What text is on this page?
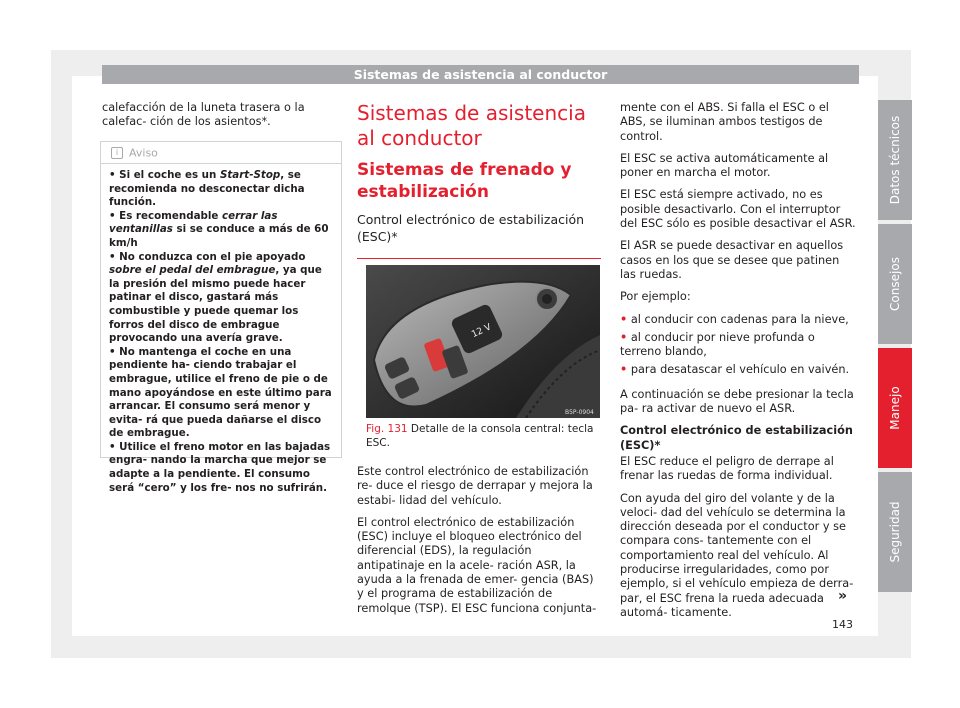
Sistemas de asistencia al conductor

calefacción de la luneta trasera o la calefac- ción de los asientos*.

i Aviso
• Si el coche es un Start-Stop, se recomienda no desconectar dicha función.
• Es recomendable cerrar las ventanillas si se conduce a más de 60 km/h
• No conduzca con el pie apoyado sobre el pedal del embrague, ya que la presión del mismo puede hacer patinar el disco, gastará más combustible y puede quemar los forros del disco de embrague provocando una avería grave.
• No mantenga el coche en una pendiente ha- ciendo trabajar el embrague, utilice el freno de pie o de mano apoyándose en este último para arrancar. El consumo será menor y evita- rá que pueda dañarse el disco de embrague.
• Utilice el freno motor en las bajadas engra- nando la marcha que mejor se adapte a la pendiente. El consumo será “cero” y los fre- nos no sufrirán.
Sistemas de asistencia al conductor
Sistemas de frenado y estabilización
Control electrónico de estabilización (ESC)*
12 V
B5P-0904
Fig. 131 Detalle de la consola central: tecla ESC.

Este control electrónico de estabilización re- duce el riesgo de derrapar y mejora la estabi- lidad del vehículo.

El control electrónico de estabilización (ESC) incluye el bloqueo electrónico del diferencial (EDS), la regulación antipatinaje en la acele- ración ASR, la ayuda a la frenada de emer- gencia (BAS) y el programa de estabilización de remolque (TSP). El ESC funciona conjunta-

mente con el ABS. Si falla el ESC o el ABS, se iluminan ambos testigos de control.

El ESC se activa automáticamente al poner en marcha el motor.

El ESC está siempre activado, no es posible desactivarlo. Con el interruptor del ESC sólo es posible desactivar el ASR.

El ASR se puede desactivar en aquellos casos en los que se desee que patinen las ruedas.

Por ejemplo:

• al conducir con cadenas para la nieve,
• al conducir por nieve profunda o terreno blando,
• para desatascar el vehículo en vaivén.

A continuación se debe presionar la tecla pa- ra activar de nuevo el ASR.

Control electrónico de estabilización (ESC)*

El ESC reduce el peligro de derrape al frenar las ruedas de forma individual.

Con ayuda del giro del volante y de la veloci- dad del vehículo se determina la dirección deseada por el conductor y se compara cons- tantemente con el comportamiento real del vehículo. Al producirse irregularidades, como por ejemplo, si el vehículo empieza de derra- par, el ESC frena la rueda adecuada automá- ticamente.

»
Datos técnicos
Consejos
Manejo
Seguridad
143
